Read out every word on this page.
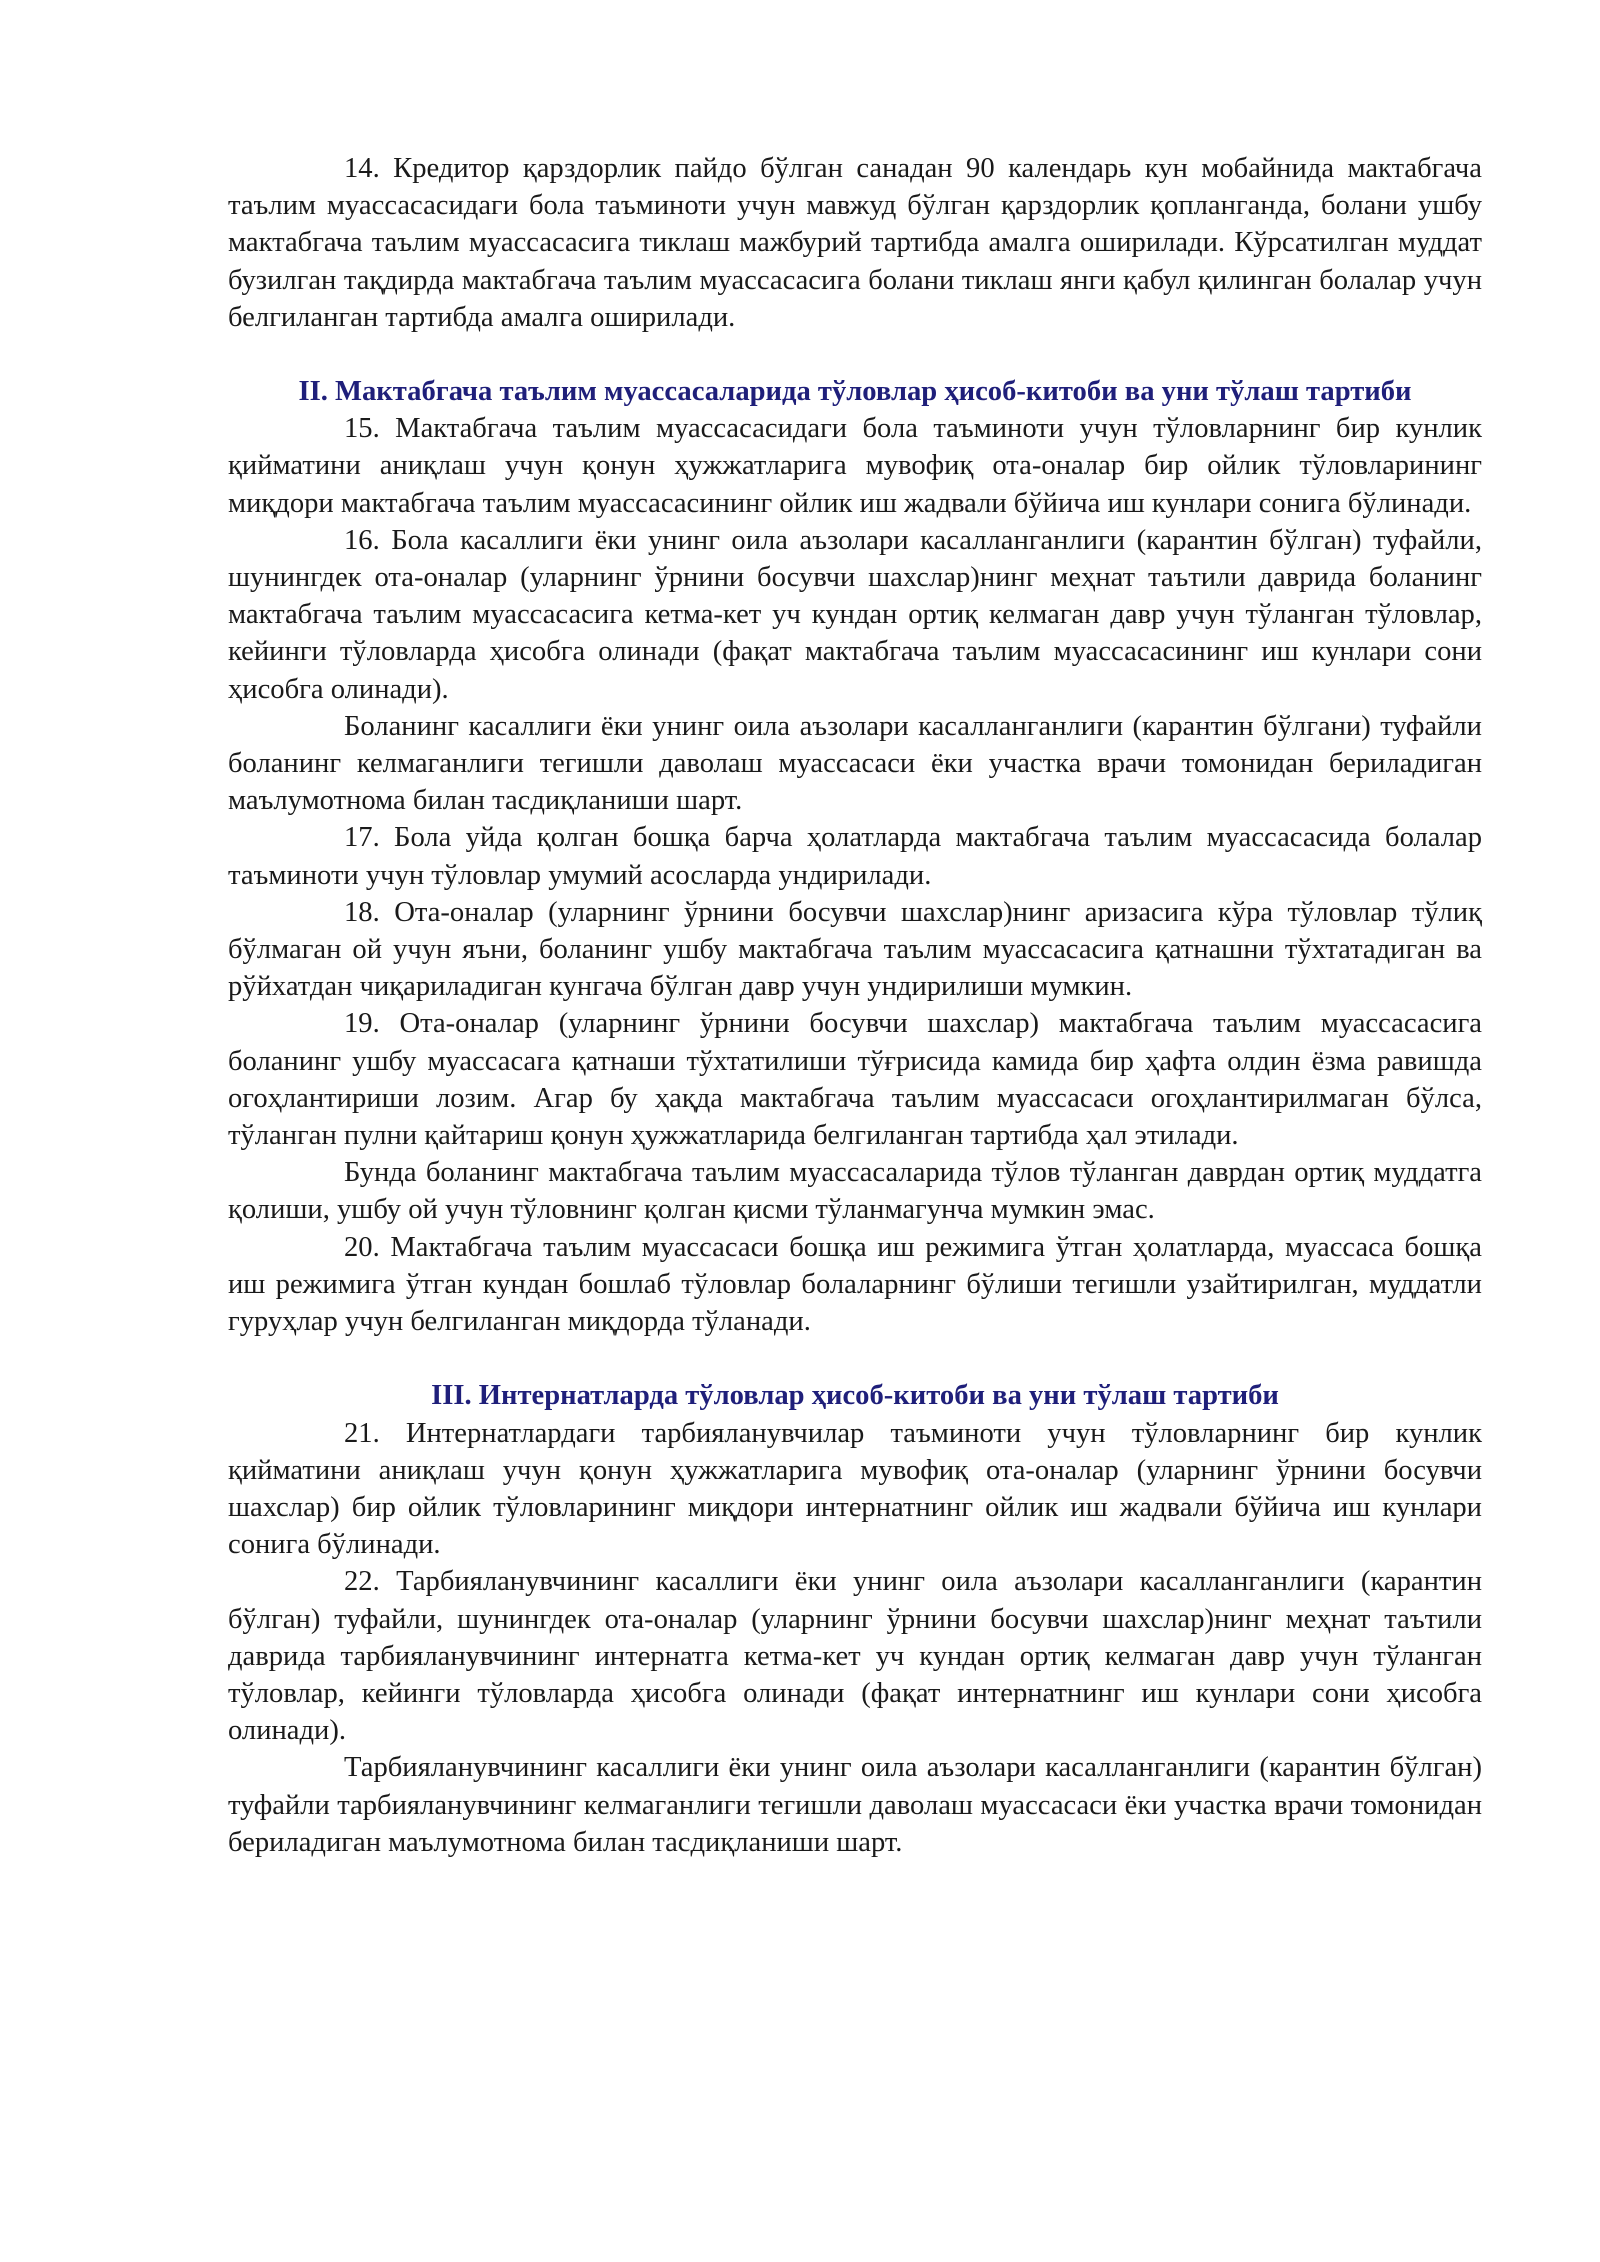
14. Кредитор қарздорлик пайдо бўлган санадан 90 календарь кун мобайнида мактабгача таълим муассасасидаги бола таъминоти учун мавжуд бўлган қарздорлик қопланганда, болани ушбу мактабгача таълим муассасасига тиклаш мажбурий тартибда амалга оширилади. Кўрсатилган муддат бузилган тақдирда мактабгача таълим муассасасига болани тиклаш янги қабул қилинган болалар учун белгиланган тартибда амалга оширилади.

II. Мактабгача таълим муассасаларида тўловлар ҳисоб-китоби ва уни тўлаш тартиби

15. Мактабгача таълим муассасасидаги бола таъминоти учун тўловларнинг бир кунлик қийматини аниқлаш учун қонун ҳужжатларига мувофиқ ота-оналар бир ойлик тўловларининг миқдори мактабгача таълим муассасасининг ойлик иш жадвали бўйича иш кунлари сонига бўлинади.

16. Бола касаллиги ёки унинг оила аъзолари касалланганлиги (карантин бўлган) туфайли, шунингдек ота-оналар (уларнинг ўрнини босувчи шахслар)нинг меҳнат таътили даврида боланинг мактабгача таълим муассасасига кетма-кет уч кундан ортиқ келмаган давр учун тўланган тўловлар, кейинги тўловларда ҳисобга олинади (фақат мактабгача таълим муассасасининг иш кунлари сони ҳисобга олинади).

Боланинг касаллиги ёки унинг оила аъзолари касалланганлиги (карантин бўлгани) туфайли боланинг келмаганлиги тегишли даволаш муассасаси ёки участка врачи томонидан бериладиган маълумотнома билан тасдиқланиши шарт.

17. Бола уйда қолган бошқа барча ҳолатларда мактабгача таълим муассасасида болалар таъминоти учун тўловлар умумий асосларда ундирилади.

18. Ота-оналар (уларнинг ўрнини босувчи шахслар)нинг аризасига кўра тўловлар тўлиқ бўлмаган ой учун яъни, боланинг ушбу мактабгача таълим муассасасига қатнашни тўхтатадиган ва рўйхатдан чиқариладиган кунгача бўлган давр учун ундирилиши мумкин.

19. Ота-оналар (уларнинг ўрнини босувчи шахслар) мактабгача таълим муассасасига боланинг ушбу муассасага қатнаши тўхтатилиши тўғрисида камида бир ҳафта олдин ёзма равишда огоҳлантириши лозим. Агар бу ҳақда мактабгача таълим муассасаси огоҳлантирилмаган бўлса, тўланган пулни қайтариш қонун ҳужжатларида белгиланган тартибда ҳал этилади.

Бунда боланинг мактабгача таълим муассасаларида тўлов тўланган даврдан ортиқ муддатга қолиши, ушбу ой учун тўловнинг қолган қисми тўланмагунча мумкин эмас.

20. Мактабгача таълим муассасаси бошқа иш режимига ўтган ҳолатларда, муассаса бошқа иш режимига ўтган кундан бошлаб тўловлар болаларнинг бўлиши тегишли узайтирилган, муддатли гуруҳлар учун белгиланган миқдорда тўланади.

III. Интернатларда тўловлар ҳисоб-китоби ва уни тўлаш тартиби

21. Интернатлардаги тарбияланувчилар таъминоти учун тўловларнинг бир кунлик қийматини аниқлаш учун қонун ҳужжатларига мувофиқ ота-оналар (уларнинг ўрнини босувчи шахслар) бир ойлик тўловларининг миқдори интернатнинг ойлик иш жадвали бўйича иш кунлари сонига бўлинади.

22. Тарбияланувчининг касаллиги ёки унинг оила аъзолари касалланганлиги (карантин бўлган) туфайли, шунингдек ота-оналар (уларнинг ўрнини босувчи шахслар)нинг меҳнат таътили даврида тарбияланувчининг интернатга кетма-кет уч кундан ортиқ келмаган давр учун тўланган тўловлар, кейинги тўловларда ҳисобга олинади (фақат интернатнинг иш кунлари сони ҳисобга олинади).

Тарбияланувчининг касаллиги ёки унинг оила аъзолари касалланганлиги (карантин бўлган) туфайли тарбияланувчининг келмаганлиги тегишли даволаш муассасаси ёки участка врачи томонидан бериладиган маълумотнома билан тасдиқланиши шарт.
